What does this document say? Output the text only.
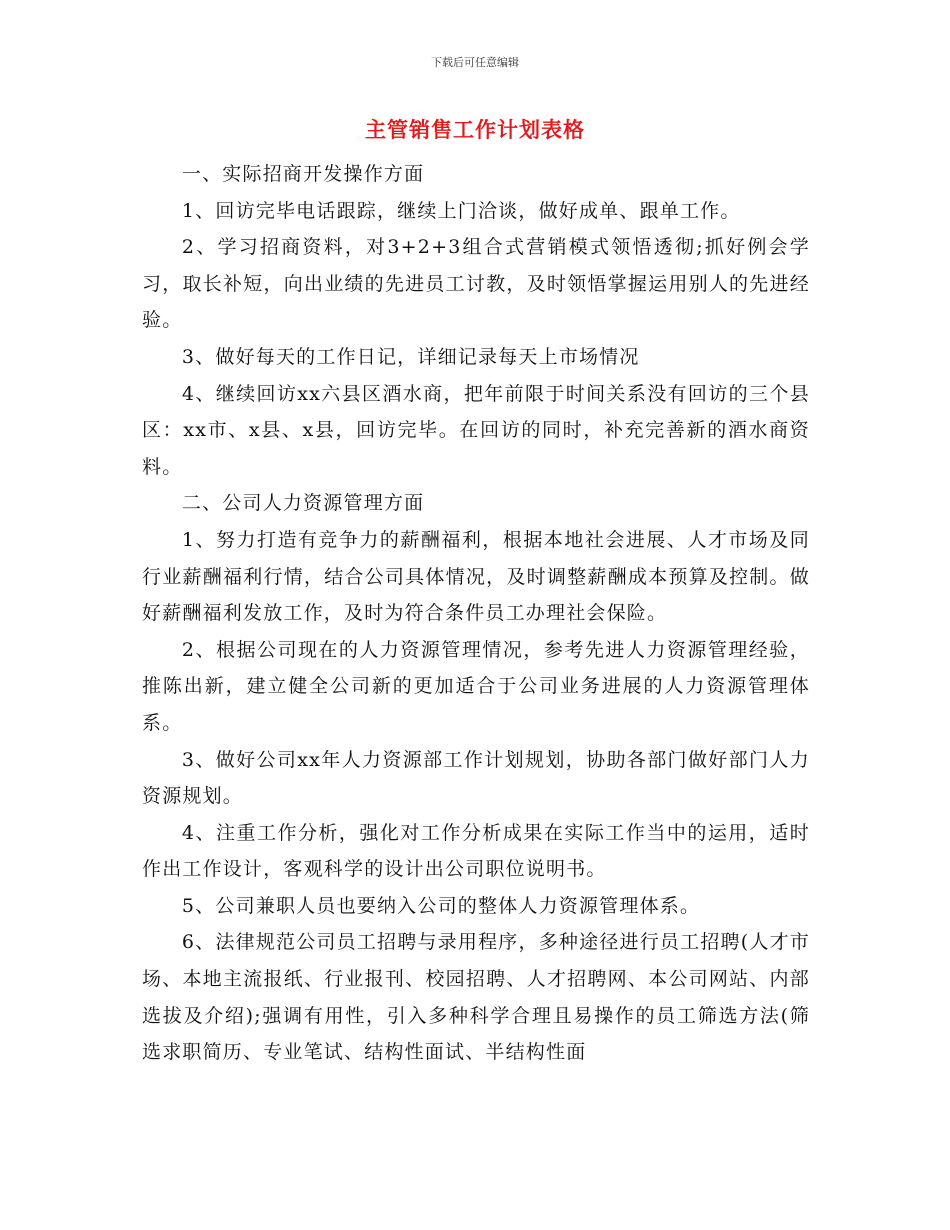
下载后可任意编辑
主管销售工作计划表格

一、实际招商开发操作方面

1、回访完毕电话跟踪，继续上门洽谈，做好成单、跟单工作。

2、学习招商资料，对3+2+3组合式营销模式领悟透彻;抓好例会学习，取长补短，向出业绩的先进员工讨教，及时领悟掌握运用别人的先进经验。

3、做好每天的工作日记，详细记录每天上市场情况

4、继续回访xx六县区酒水商，把年前限于时间关系没有回访的三个县区：xx市、x县、x县，回访完毕。在回访的同时，补充完善新的酒水商资料。

二、公司人力资源管理方面

1、努力打造有竞争力的薪酬福利，根据本地社会进展、人才市场及同行业薪酬福利行情，结合公司具体情况，及时调整薪酬成本预算及控制。做好薪酬福利发放工作，及时为符合条件员工办理社会保险。

2、根据公司现在的人力资源管理情况，参考先进人力资源管理经验，推陈出新，建立健全公司新的更加适合于公司业务进展的人力资源管理体系。

3、做好公司xx年人力资源部工作计划规划，协助各部门做好部门人力资源规划。

4、注重工作分析，强化对工作分析成果在实际工作当中的运用，适时作出工作设计，客观科学的设计出公司职位说明书。

5、公司兼职人员也要纳入公司的整体人力资源管理体系。

6、法律规范公司员工招聘与录用程序，多种途径进行员工招聘(人才市场、本地主流报纸、行业报刊、校园招聘、人才招聘网、本公司网站、内部选拔及介绍);强调有用性，引入多种科学合理且易操作的员工筛选方法(筛选求职简历、专业笔试、结构性面试、半结构性面
